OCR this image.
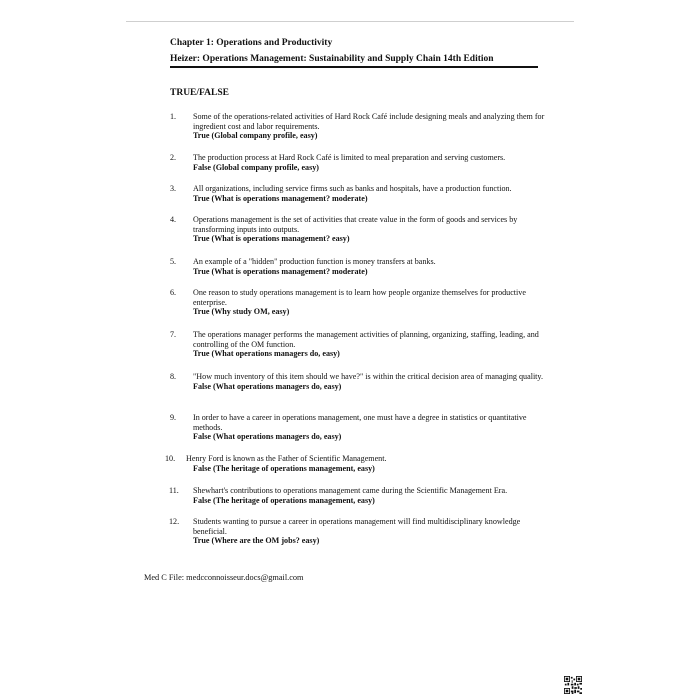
Chapter 1: Operations and Productivity
Heizer: Operations Management: Sustainability and Supply Chain 14th Edition
TRUE/FALSE
1. Some of the operations-related activities of Hard Rock Café include designing meals and analyzing them for ingredient cost and labor requirements.
True (Global company profile, easy)
2. The production process at Hard Rock Café is limited to meal preparation and serving customers.
False (Global company profile, easy)
3. All organizations, including service firms such as banks and hospitals, have a production function.
True (What is operations management? moderate)
4. Operations management is the set of activities that create value in the form of goods and services by transforming inputs into outputs.
True (What is operations management? easy)
5. An example of a "hidden" production function is money transfers at banks.
True (What is operations management? moderate)
6. One reason to study operations management is to learn how people organize themselves for productive enterprise.
True (Why study OM, easy)
7. The operations manager performs the management activities of planning, organizing, staffing, leading, and controlling of the OM function.
True (What operations managers do, easy)
8. "How much inventory of this item should we have?" is within the critical decision area of managing quality.
False (What operations managers do, easy)
9. In order to have a career in operations management, one must have a degree in statistics or quantitative methods.
False (What operations managers do, easy)
10. Henry Ford is known as the Father of Scientific Management.
False (The heritage of operations management, easy)
11. Shewhart's contributions to operations management came during the Scientific Management Era.
False (The heritage of operations management, easy)
12. Students wanting to pursue a career in operations management will find multidisciplinary knowledge beneficial.
True (Where are the OM jobs? easy)
Med C File: medcconnoisseur.docs@gmail.com
